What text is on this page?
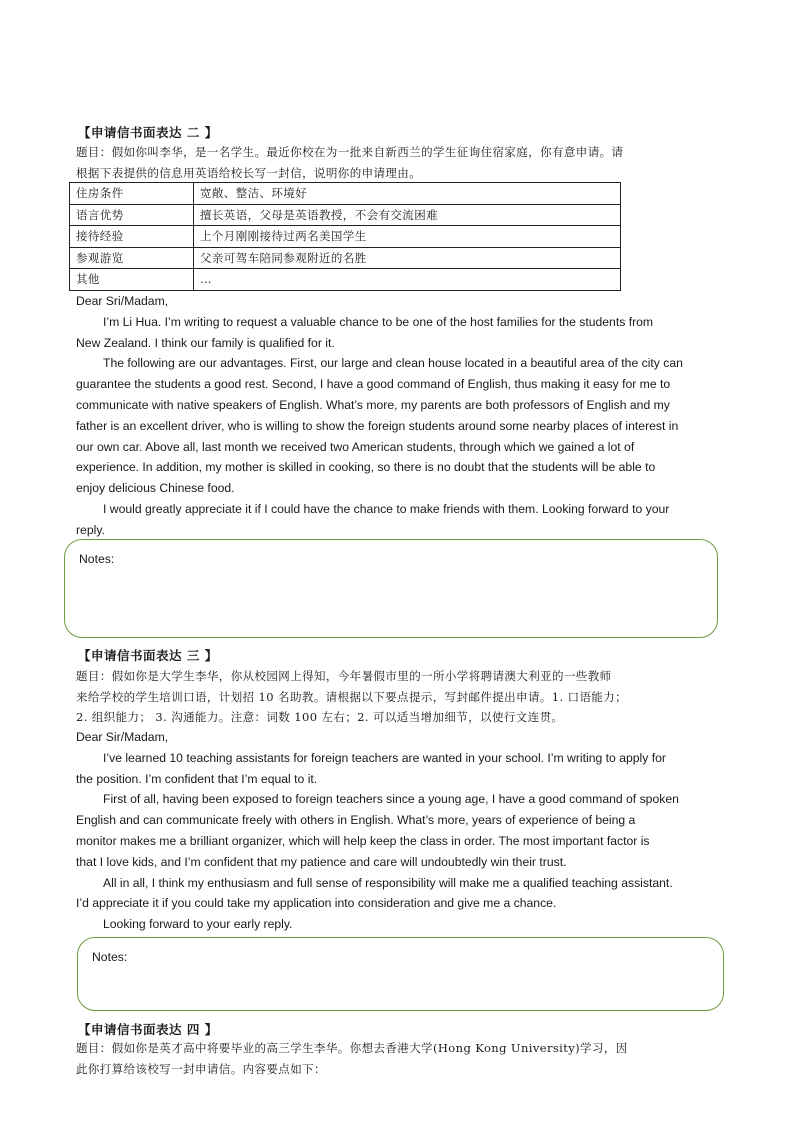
【申请信书面表达 二 】

题目：假如你叫李华，是一名学生。最近你校在为一批来自新西兰的学生征询住宿家庭，你有意申请。请

根据下表提供的信息用英语给校长写一封信，说明你的申请理由。

住房条件	宽敞、整洁、环境好
语言优势	擅长英语，父母是英语教授，不会有交流困难
接待经验	上个月刚刚接待过两名美国学生
参观游览	父亲可驾车陪同参观附近的名胜
其他	…

Dear Sri/Madam,

I’m Li Hua. I’m writing to request a valuable chance to be one of the host families for the students from

New Zealand. I think our family is qualified for it.

The following are our advantages. First, our large and clean house located in a beautiful area of the city can

guarantee the students a good rest. Second, I have a good command of English, thus making it easy for me to

communicate with native speakers of English. What’s more, my parents are both professors of English and my

father is an excellent driver, who is willing to show the foreign students around some nearby places of interest in

our own car. Above all, last month we received two American students, through which we gained a lot of

experience. In addition, my mother is skilled in cooking, so there is no doubt that the students will be able to

enjoy delicious Chinese food.

I would greatly appreciate it if I could have the chance to make friends with them. Looking forward to your

reply.

Notes:
【申请信书面表达 三 】

题目：假如你是大学生李华，你从校园网上得知，今年暑假市里的一所小学将聘请澳大利亚的一些教师

来给学校的学生培训口语，计划招 10 名助教。请根据以下要点提示，写封邮件提出申请。1. 口语能力；

2. 组织能力； 3. 沟通能力。注意：词数 100 左右；2. 可以适当增加细节，以使行文连贯。

Dear Sir/Madam,

I’ve learned 10 teaching assistants for foreign teachers are wanted in your school. I’m writing to apply for

the position. I’m confident that I’m equal to it.

First of all, having been exposed to foreign teachers since a young age, I have a good command of spoken

English and can communicate freely with others in English. What’s more, years of experience of being a

monitor makes me a brilliant organizer, which will help keep the class in order. The most important factor is

that I love kids, and I’m confident that my patience and care will undoubtedly win their trust.

All in all, I think my enthusiasm and full sense of responsibility will make me a qualified teaching assistant.

I’d appreciate it if you could take my application into consideration and give me a chance.

Looking forward to your early reply.

Notes:
【申请信书面表达 四 】

题目：假如你是英才高中将要毕业的高三学生李华。你想去香港大学(Hong Kong University)学习，因

此你打算给该校写一封申请信。内容要点如下：
